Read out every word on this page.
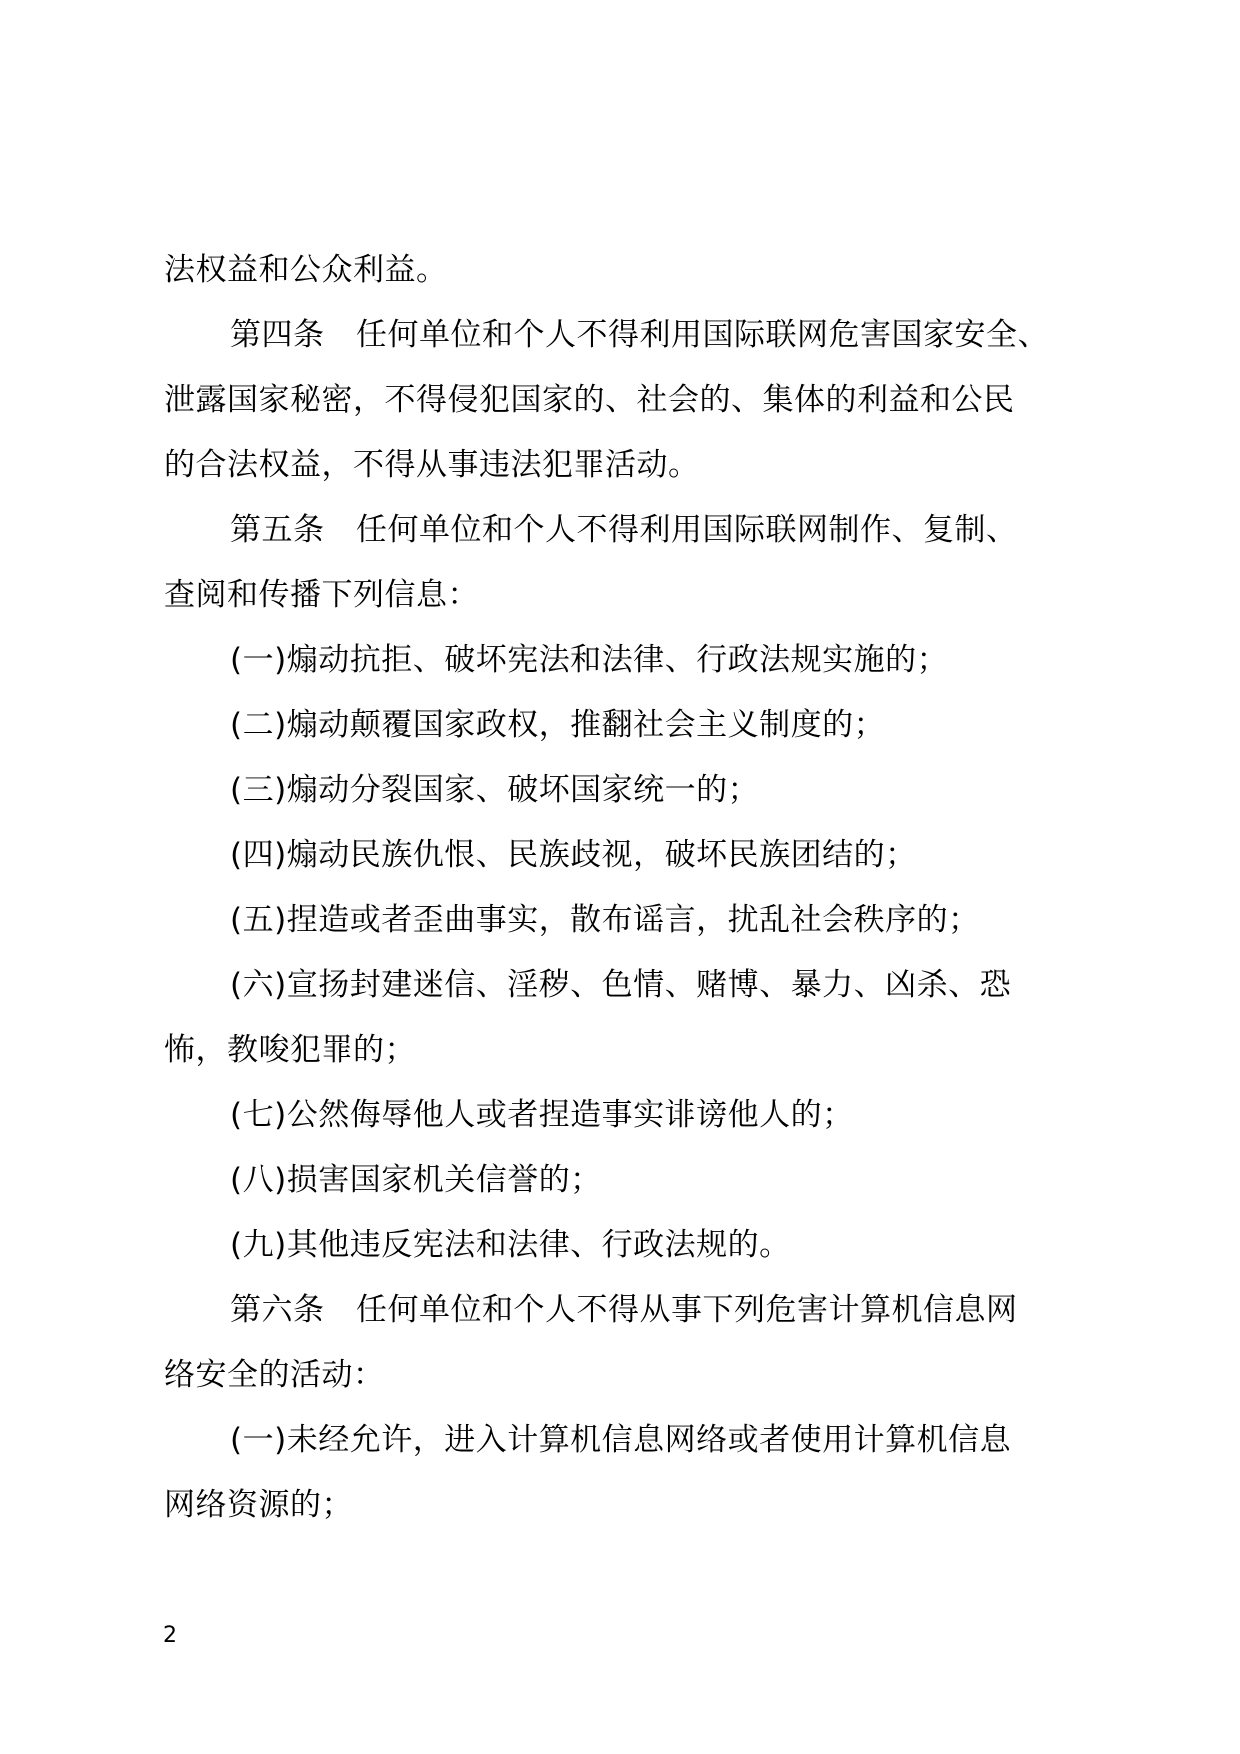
法权益和公众利益。
第四条　任何单位和个人不得利用国际联网危害国家安全、
泄露国家秘密，不得侵犯国家的、社会的、集体的利益和公民
的合法权益，不得从事违法犯罪活动。
第五条　任何单位和个人不得利用国际联网制作、复制、
查阅和传播下列信息：
(一)煽动抗拒、破坏宪法和法律、行政法规实施的；
(二)煽动颠覆国家政权，推翻社会主义制度的；
(三)煽动分裂国家、破坏国家统一的；
(四)煽动民族仇恨、民族歧视，破坏民族团结的；
(五)捏造或者歪曲事实，散布谣言，扰乱社会秩序的；
(六)宣扬封建迷信、淫秽、色情、赌博、暴力、凶杀、恐
怖，教唆犯罪的；
(七)公然侮辱他人或者捏造事实诽谤他人的；
(八)损害国家机关信誉的；
(九)其他违反宪法和法律、行政法规的。
第六条　任何单位和个人不得从事下列危害计算机信息网
络安全的活动：
(一)未经允许，进入计算机信息网络或者使用计算机信息
网络资源的；
2
